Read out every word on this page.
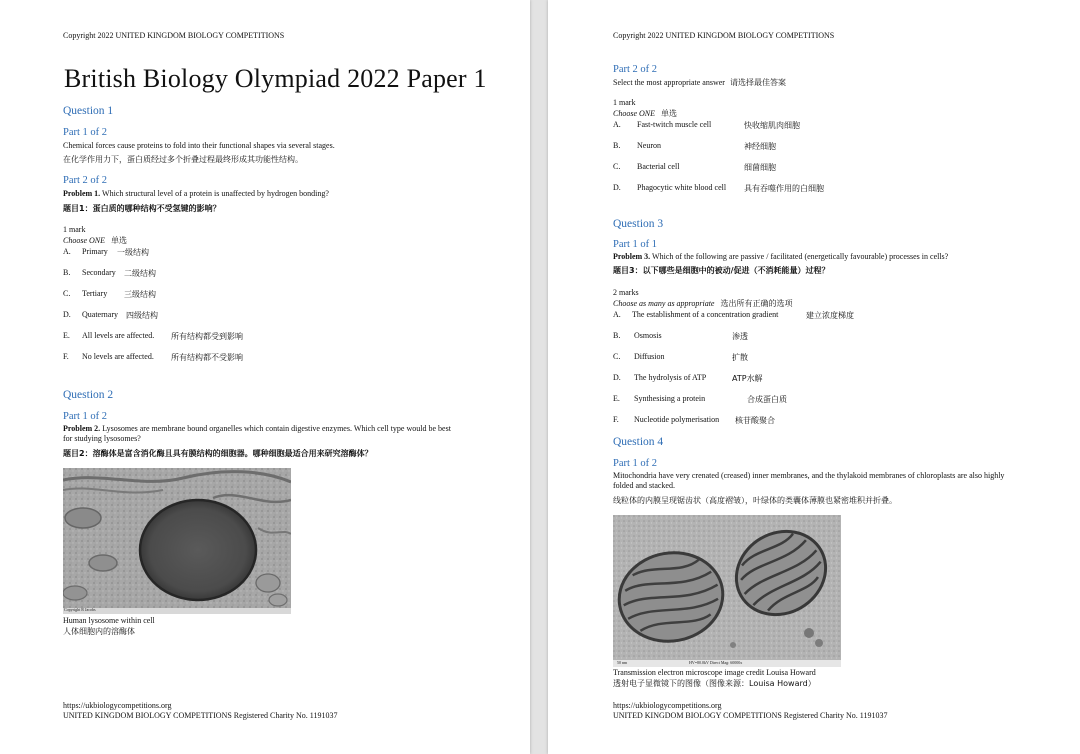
Copyright 2022 UNITED KINGDOM BIOLOGY COMPETITIONS
British Biology Olympiad 2022 Paper 1
Question 1
Part 1 of 2
Chemical forces cause proteins to fold into their functional shapes via several stages.
在化学作用力下，蛋白质经过多个折叠过程最终形成其功能性结构。
Part 2 of 2
Problem 1. Which structural level of a protein is unaffected by hydrogen bonding?
题目1：蛋白质的哪种结构不受氢键的影响？
1 mark
Choose ONE 单选
A. Primary 一级结构
B. Secondary 二级结构
C. Tertiary 三级结构
D. Quaternary 四级结构
E. All levels are affected. 所有结构都受到影响
F. No levels are affected. 所有结构都不受影响
Question 2
Part 1 of 2
Problem 2. Lysosomes are membrane bound organelles which contain digestive enzymes. Which cell type would be best for studying lysosomes?
题目2：溶酶体是富含消化酶且具有膜结构的细胞器。哪种细胞最适合用来研究溶酶体？
Copyright R Jacobs
Human lysosome within cell
人体细胞内的溶酶体
https://ukbiologycompetitions.org
UNITED KINGDOM BIOLOGY COMPETITIONS Registered Charity No. 1191037
Copyright 2022 UNITED KINGDOM BIOLOGY COMPETITIONS
Part 2 of 2
Select the most appropriate answer 请选择最佳答案
1 mark
Choose ONE 单选
A. Fast-twitch muscle cell	快收缩肌肉细胞
B. Neuron	神经细胞
C. Bacterial cell	细菌细胞
D. Phagocytic white blood cell 具有吞噬作用的白细胞
Question 3
Part 1 of 1
Problem 3. Which of the following are passive / facilitated (energetically favourable) processes in cells?
题目3：以下哪些是细胞中的被动/促进（不消耗能量）过程？
2 marks
Choose as many as appropriate 选出所有正确的选项
A. The establishment of a concentration gradient	建立浓度梯度
B. Osmosis	渗透
C. Diffusion	扩散
D. The hydrolysis of ATP	ATP水解
E. Synthesising a protein	合成蛋白质
F. Nucleotide polymerisation 核苷酸聚合
Question 4
Part 1 of 2
Mitochondria have very crenated (creased) inner membranes, and the thylakoid membranes of chloroplasts are also highly folded and stacked.
线粒体的内膜呈现锯齿状（高度褶皱），叶绿体的类囊体薄膜也紧密堆积并折叠。
50 nm	HV=80.0kV Direct Mag: 60000x
Transmission electron microscope image credit Louisa Howard
透射电子显微镜下的图像（图像来源：Louisa Howard）
https://ukbiologycompetitions.org
UNITED KINGDOM BIOLOGY COMPETITIONS Registered Charity No. 1191037
